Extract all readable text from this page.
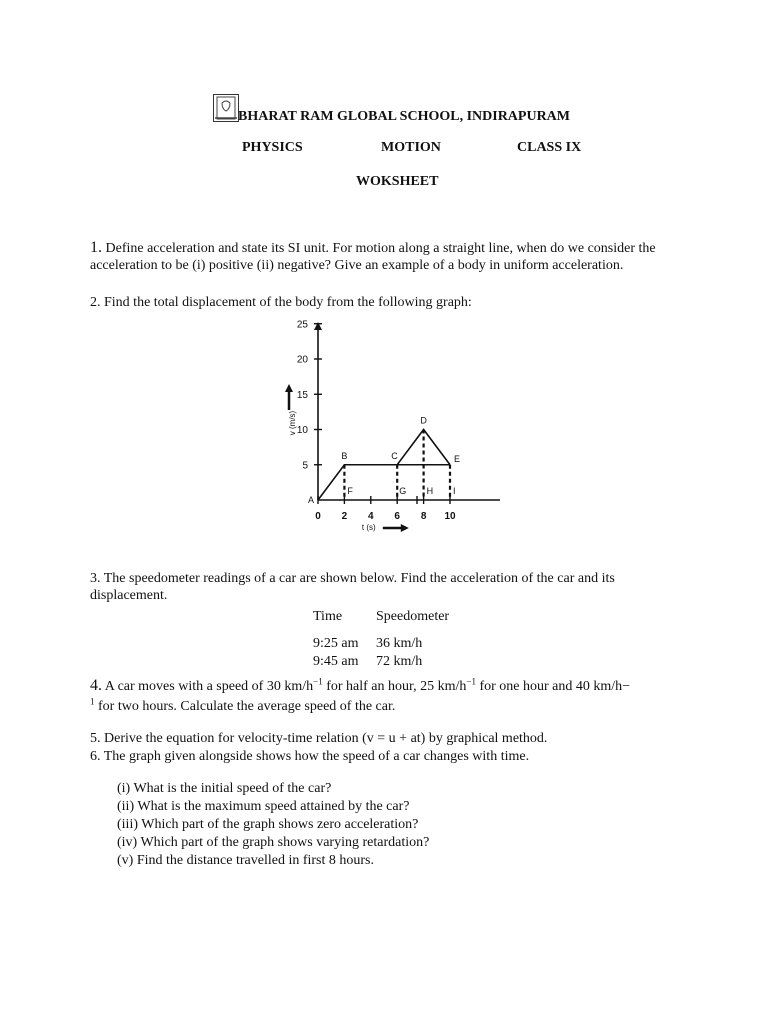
BHARAT RAM GLOBAL SCHOOL, INDIRAPURAM
PHYSICS	MOTION	CLASS IX
WOKSHEET
1. Define acceleration and state its SI unit. For motion along a straight line, when do we consider the acceleration to be (i) positive (ii) negative? Give an example of a body in uniform acceleration.
2. Find the total displacement of the body from the following graph:
5
10
15
20
25
0 2 4 6 8 10
v (m/s)
t (s)
A
B	C
D
E
F	G H I
3. The speedometer readings of a car are shown below. Find the acceleration of the car and its displacement.
Time Speedometer
9:25 am 36 km/h
9:45 am 72 km/h
4. A car moves with a speed of 30 $km/h^{-1}$ for half an hour, 25 $km/h^{-1}$ for one hour and 40 km/h−
$^1$ for two hours. Calculate the average speed of the car.
5. Derive the equation for velocity-time relation (v = u + at) by graphical method.
6. The graph given alongside shows how the speed of a car changes with time.
(i) What is the initial speed of the car?
(ii) What is the maximum speed attained by the car?
(iii) Which part of the graph shows zero acceleration?
(iv) Which part of the graph shows varying retardation?
(v) Find the distance travelled in first 8 hours.
